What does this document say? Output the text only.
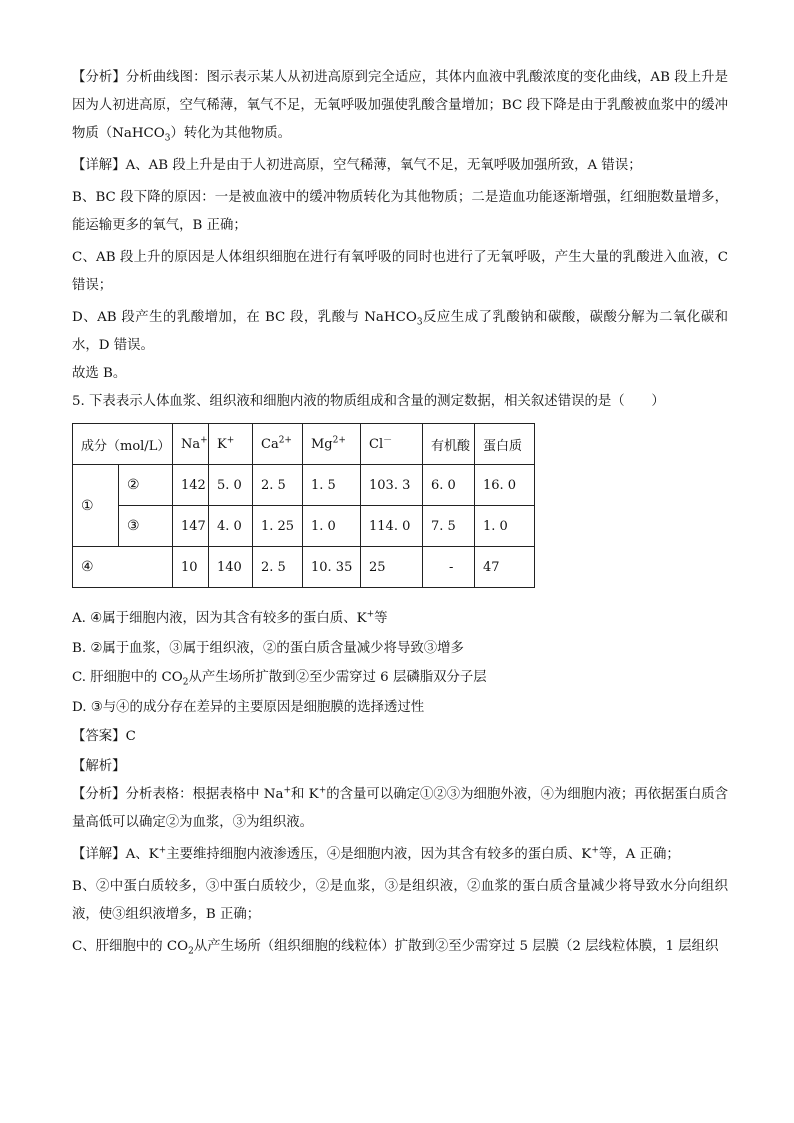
【分析】分析曲线图：图示表示某人从初进高原到完全适应，其体内血液中乳酸浓度的变化曲线，AB 段上升是因为人初进高原，空气稀薄，氧气不足，无氧呼吸加强使乳酸含量增加；BC 段下降是由于乳酸被血浆中的缓冲物质（NaHCO$_3$）转化为其他物质。

【详解】A、AB 段上升是由于人初进高原，空气稀薄，氧气不足，无氧呼吸加强所致，A 错误；

B、BC 段下降的原因：一是被血液中的缓冲物质转化为其他物质；二是造血功能逐渐增强，红细胞数量增多，能运输更多的氧气，B 正确；

C、AB 段上升的原因是人体组织细胞在进行有氧呼吸的同时也进行了无氧呼吸，产生大量的乳酸进入血液，C 错误；

D、AB 段产生的乳酸增加，在 BC 段，乳酸与 NaHCO$_3$反应生成了乳酸钠和碳酸，碳酸分解为二氧化碳和水，D 错误。

故选 B。

5. 下表表示人体血浆、组织液和细胞内液的物质组成和含量的测定数据，相关叙述错误的是（　　）

成分（mol/L）		Na+	K+	$Ca^{2+}$	$Mg^{2+}$	Cl－	有机酸	蛋白质
①	②	142	5. 0	2. 5	1. 5	103. 3	6. 0	16. 0
	③	147	4. 0	1. 25	1. 0	114. 0	7. 5	1. 0
④		10	140	2. 5	10. 35	25	-	47

A. ④属于细胞内液，因为其含有较多的蛋白质、K+等

B. ②属于血浆，③属于组织液，②的蛋白质含量减少将导致③增多

C. 肝细胞中的 $CO_2$从产生场所扩散到②至少需穿过 6 层磷脂双分子层

D. ③与④的成分存在差异的主要原因是细胞膜的选择透过性

【答案】C

【解析】

【分析】分析表格：根据表格中 Na+和 K+的含量可以确定①②③为细胞外液，④为细胞内液；再依据蛋白质含量高低可以确定②为血浆，③为组织液。

【详解】A、K+主要维持细胞内液渗透压，④是细胞内液，因为其含有较多的蛋白质、K+等，A 正确；

B、②中蛋白质较多，③中蛋白质较少，②是血浆，③是组织液，②血浆的蛋白质含量减少将导致水分向组织液，使③组织液增多，B 正确；

C、肝细胞中的 $CO_2$从产生场所（组织细胞的线粒体）扩散到②至少需穿过 5 层膜（2 层线粒体膜，1 层组织
